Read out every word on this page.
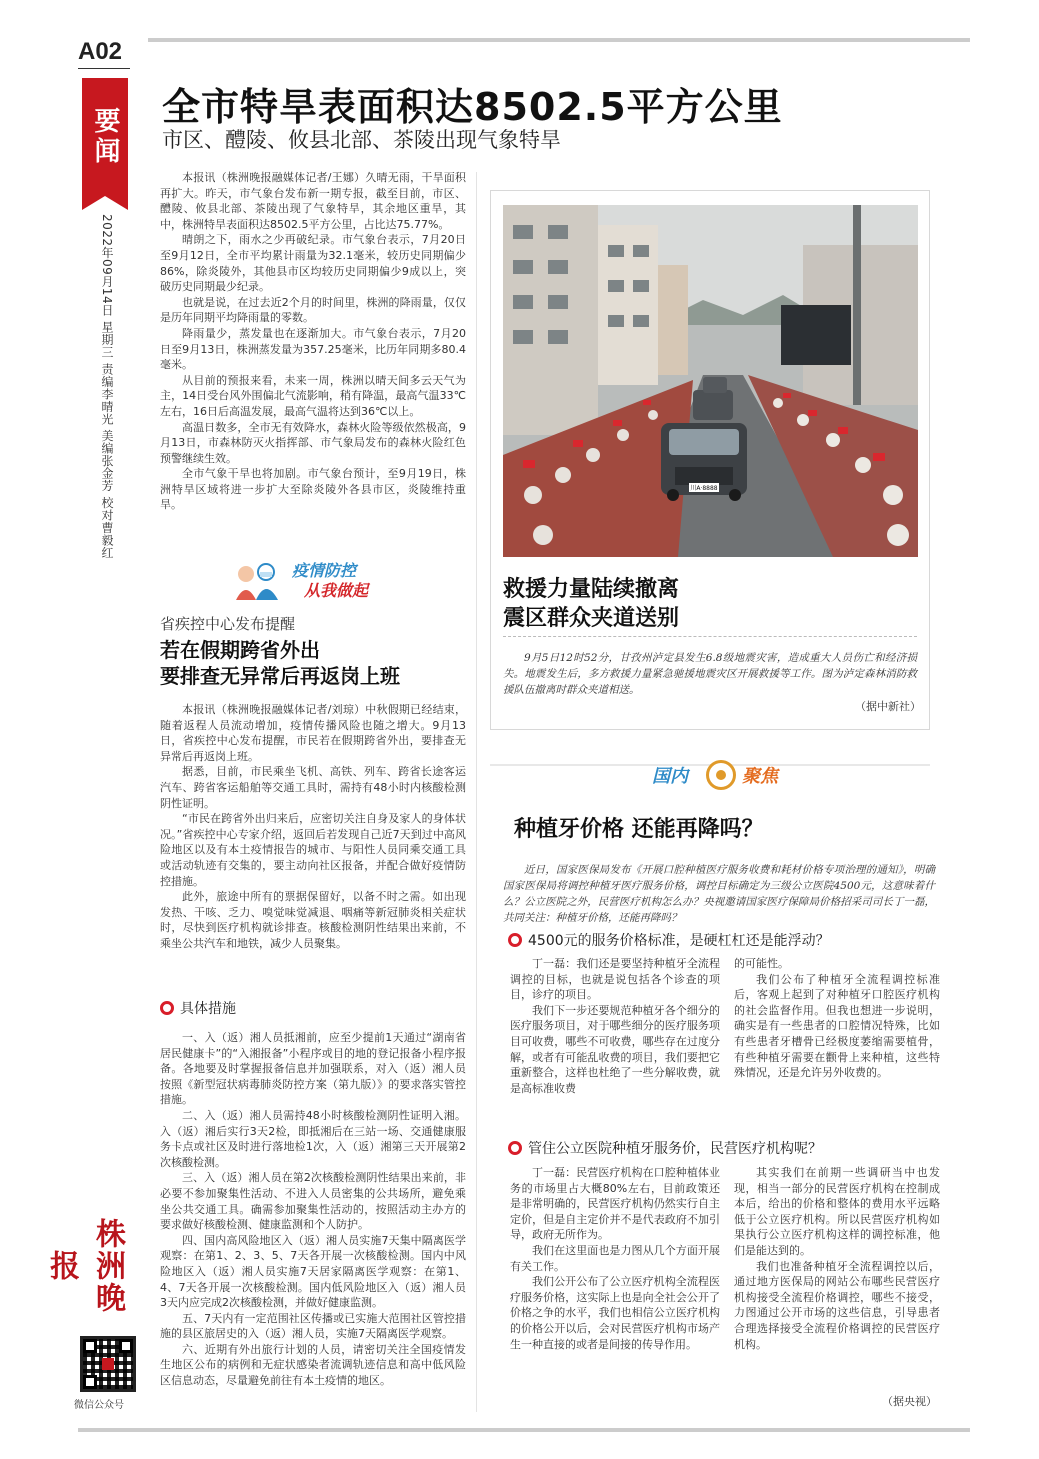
A02
要闻
2022年09月14日 星期三 责编李晴光 美编张金芳 校对曹毅红
株洲晚报
微信公众号
全市特旱表面积达8502.5平方公里
市区、醴陵、攸县北部、茶陵出现气象特旱

本报讯（株洲晚报融媒体记者/王娜）久晴无雨，干旱面积再扩大。昨天，市气象台发布新一期专报，截至目前，市区、醴陵、攸县北部、茶陵出现了气象特旱，其余地区重旱，其中，株洲特旱表面积达8502.5平方公里，占比达75.77%。

晴朗之下，雨水之少再破纪录。市气象台表示，7月20日至9月12日，全市平均累计雨量为32.1毫米，较历史同期偏少86%，除炎陵外，其他县市区均较历史同期偏少9成以上，突破历史同期最少纪录。

也就是说，在过去近2个月的时间里，株洲的降雨量，仅仅是历年同期平均降雨量的零数。

降雨量少，蒸发量也在逐渐加大。市气象台表示，7月20日至9月13日，株洲蒸发量为357.25毫米，比历年同期多80.4毫米。

从目前的预报来看，未来一周，株洲以晴天间多云天气为主，14日受台风外围偏北气流影响，稍有降温，最高气温33℃左右，16日后高温发展，最高气温将达到36℃以上。

高温日数多，全市无有效降水，森林火险等级依然极高，9月13日，市森林防灭火指挥部、市气象局发布的森林火险红色预警继续生效。

全市气象干旱也将加剧。市气象台预计，至9月19日，株洲特旱区域将进一步扩大至除炎陵外各县市区，炎陵维持重旱。

疫情防控
从我做起
省疾控中心发布提醒
若在假期跨省外出
要排查无异常后再返岗上班

本报讯（株洲晚报融媒体记者/刘琼）中秋假期已经结束，随着返程人员流动增加，疫情传播风险也随之增大。9月13日，省疾控中心发布提醒，市民若在假期跨省外出，要排查无异常后再返岗上班。

据悉，目前，市民乘坐飞机、高铁、列车、跨省长途客运汽车、跨省客运船舶等交通工具时，需持有48小时内核酸检测阴性证明。

“市民在跨省外出归来后，应密切关注自身及家人的身体状况。”省疾控中心专家介绍，返回后若发现自己近7天到过中高风险地区以及有本土疫情报告的城市、与阳性人员同乘交通工具或活动轨迹有交集的，要主动向社区报备，并配合做好疫情防控措施。

此外，旅途中所有的票据保留好，以备不时之需。如出现发热、干咳、乏力、嗅觉味觉减退、咽痛等新冠肺炎相关症状时，尽快到医疗机构就诊排查。核酸检测阴性结果出来前，不乘坐公共汽车和地铁，减少人员聚集。

具体措施

一、入（返）湘人员抵湘前，应至少提前1天通过“湖南省居民健康卡”的“入湘报备”小程序或目的地的登记报备小程序报备。各地要及时掌握报备信息并加强联系，对入（返）湘人员按照《新型冠状病毒肺炎防控方案（第九版）》的要求落实管控措施。

二、入（返）湘人员需持48小时核酸检测阴性证明入湘。入（返）湘后实行3天2检，即抵湘后在三站一场、交通健康服务卡点或社区及时进行落地检1次，入（返）湘第三天开展第2次核酸检测。

三、入（返）湘人员在第2次核酸检测阴性结果出来前，非必要不参加聚集性活动、不进入人员密集的公共场所，避免乘坐公共交通工具。确需参加聚集性活动的，按照活动主办方的要求做好核酸检测、健康监测和个人防护。

四、国内高风险地区入（返）湘人员实施7天集中隔离医学观察：在第1、2、3、5、7天各开展一次核酸检测。国内中风险地区入（返）湘人员实施7天居家隔离医学观察：在第1、4、7天各开展一次核酸检测。国内低风险地区入（返）湘人员3天内应完成2次核酸检测，并做好健康监测。

五、7天内有一定范围社区传播或已实施大范围社区管控措施的县区旅居史的入（返）湘人员，实施7天隔离医学观察。

六、近期有外出旅行计划的人员，请密切关注全国疫情发生地区公布的病例和无症状感染者流调轨迹信息和高中低风险区信息动态，尽量避免前往有本土疫情的地区。

川A·8888
救援力量陆续撤离
震区群众夹道送别

9月5日12时52分，甘孜州泸定县发生6.8级地震灾害，造成重大人员伤亡和经济损失。地震发生后，多方救援力量紧急驰援地震灾区开展救援等工作。图为泸定森林消防救援队伍撤离时群众夹道相送。

（据中新社）
国内	聚焦
种植牙价格 还能再降吗？

近日，国家医保局发布《开展口腔种植医疗服务收费和耗材价格专项治理的通知》，明确国家医保局将调控种植牙医疗服务价格，调控目标确定为三级公立医院4500元，这意味着什么？公立医院之外，民营医疗机构怎么办？央视邀请国家医疗保障局价格招采司司长丁一磊，共同关注：种植牙价格，还能再降吗？

4500元的服务价格标准，是硬杠杠还是能浮动？

丁一磊：我们还是要坚持种植牙全流程调控的目标，也就是说包括各个诊查的项目，诊疗的项目。

我们下一步还要规范种植牙各个细分的医疗服务项目，对于哪些细分的医疗服务项目可收费，哪些不可收费，哪些存在过度分解，或者有可能乱收费的项目，我们要把它重新整合，这样也杜绝了一些分解收费，就是高标准收费

的可能性。

我们公布了种植牙全流程调控标准后，客观上起到了对种植牙口腔医疗机构的社会监督作用。但我也想进一步说明，确实是有一些患者的口腔情况特殊，比如有些患者牙槽骨已经极度萎缩需要植骨，有些种植牙需要在颧骨上来种植，这些特殊情况，还是允许另外收费的。

管住公立医院种植牙服务价，民营医疗机构呢？

丁一磊：民营医疗机构在口腔种植体业务的市场里占大概80%左右，目前政策还是非常明确的，民营医疗机构仍然实行自主定价，但是自主定价并不是代表政府不加引导，政府无所作为。

我们在这里面也是力图从几个方面开展有关工作。

我们公开公布了公立医疗机构全流程医疗服务价格，这实际上也是向全社会公开了价格之争的水平，我们也相信公立医疗机构的价格公开以后，会对民营医疗机构市场产生一种直接的或者是间接的传导作用。

其实我们在前期一些调研当中也发现，相当一部分的民营医疗机构在控制成本后，给出的价格和整体的费用水平远略低于公立医疗机构。所以民营医疗机构如果执行公立医疗机构这样的调控标准，他们是能达到的。

我们也准备种植牙全流程调控以后，通过地方医保局的网站公布哪些民营医疗机构接受全流程价格调控，哪些不接受，力图通过公开市场的这些信息，引导患者合理选择接受全流程价格调控的民营医疗机构。

（据央视）
